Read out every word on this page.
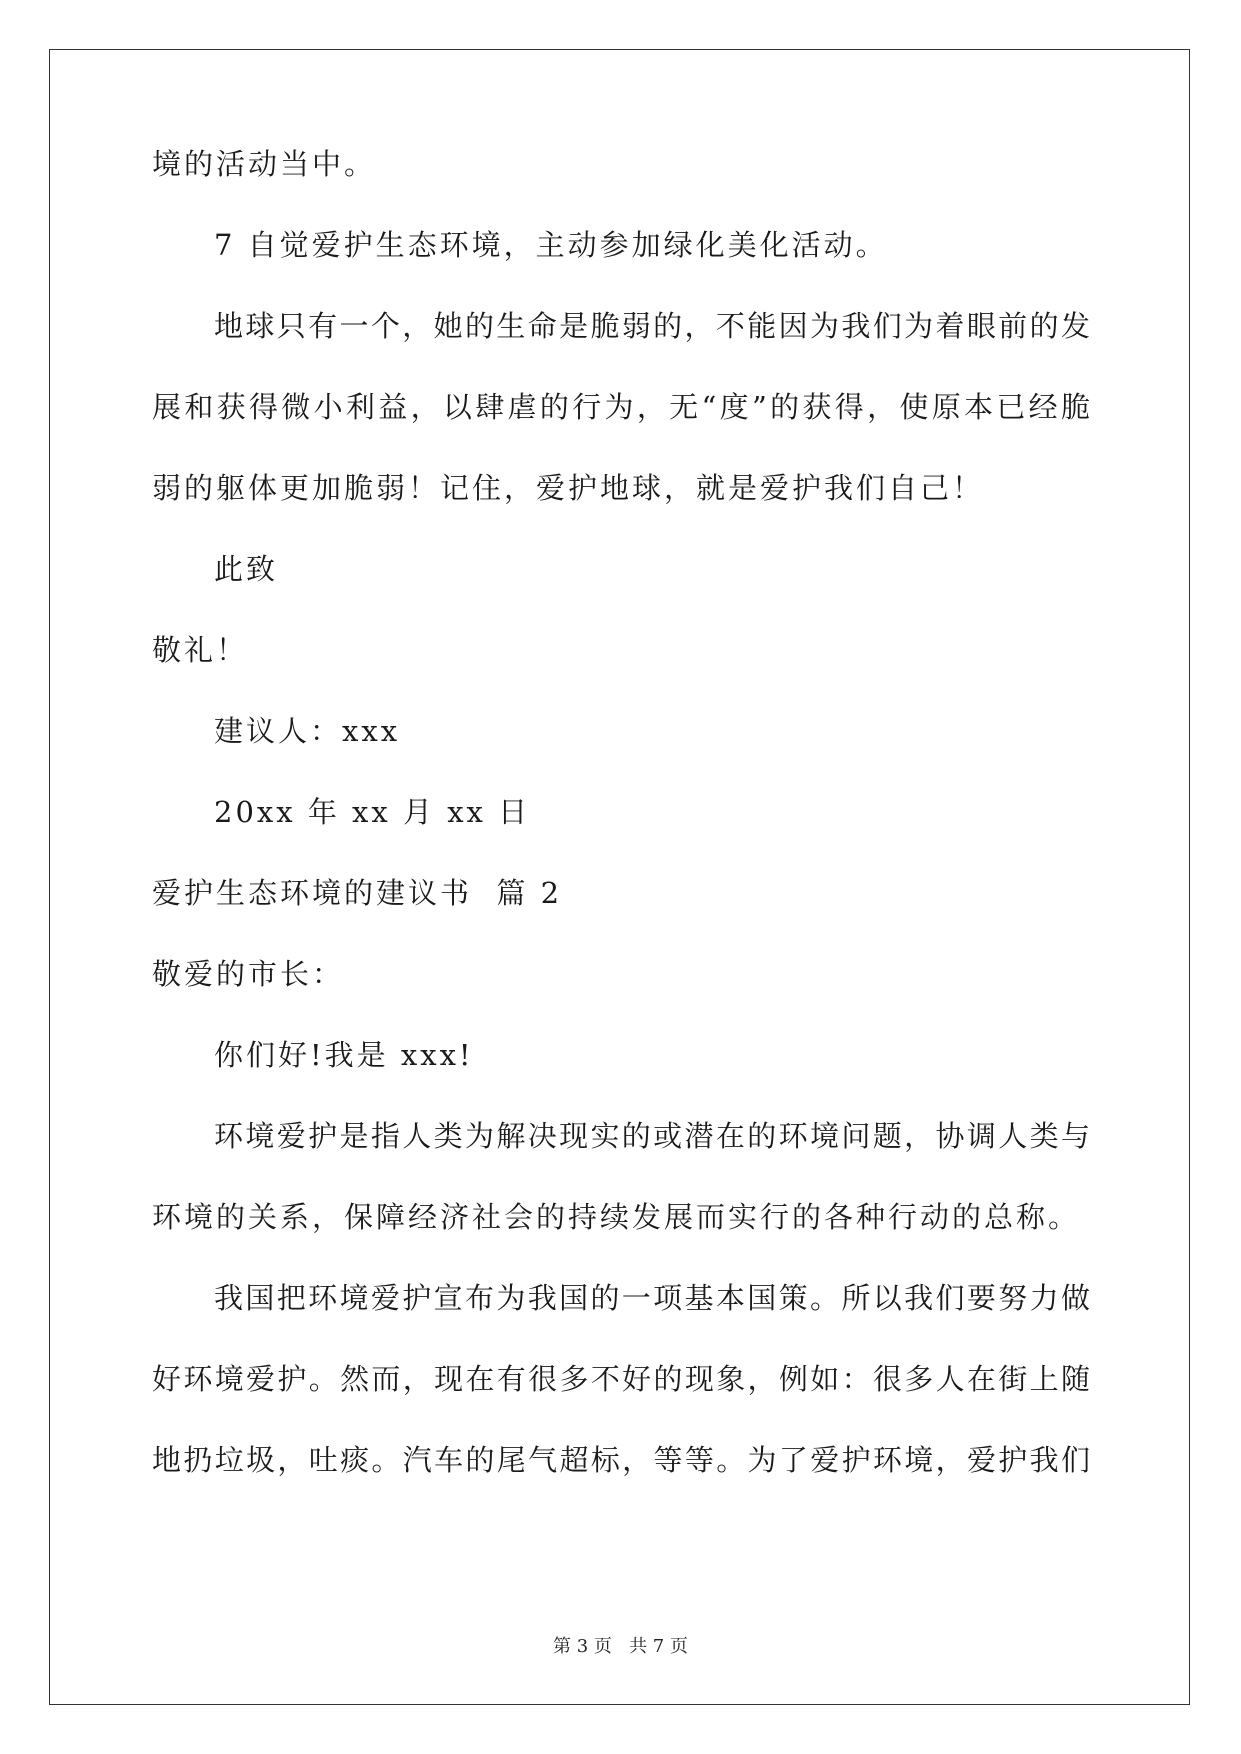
境的活动当中。
7 自觉爱护生态环境，主动参加绿化美化活动。
地球只有一个，她的生命是脆弱的，不能因为我们为着眼前的发
展和获得微小利益，以肆虐的行为，无“度”的获得，使原本已经脆
弱的躯体更加脆弱！记住，爱护地球，就是爱护我们自己！
此致
敬礼！
建议人：xxx
20xx 年 xx 月 xx 日
爱护生态环境的建议书  篇 2
敬爱的市长：
你们好!我是 xxx!
环境爱护是指人类为解决现实的或潜在的环境问题，协调人类与
环境的关系，保障经济社会的持续发展而实行的各种行动的总称。
我国把环境爱护宣布为我国的一项基本国策。所以我们要努力做
好环境爱护。然而，现在有很多不好的现象，例如：很多人在街上随
地扔垃圾，吐痰。汽车的尾气超标，等等。为了爱护环境，爱护我们
第 3 页   共 7 页
